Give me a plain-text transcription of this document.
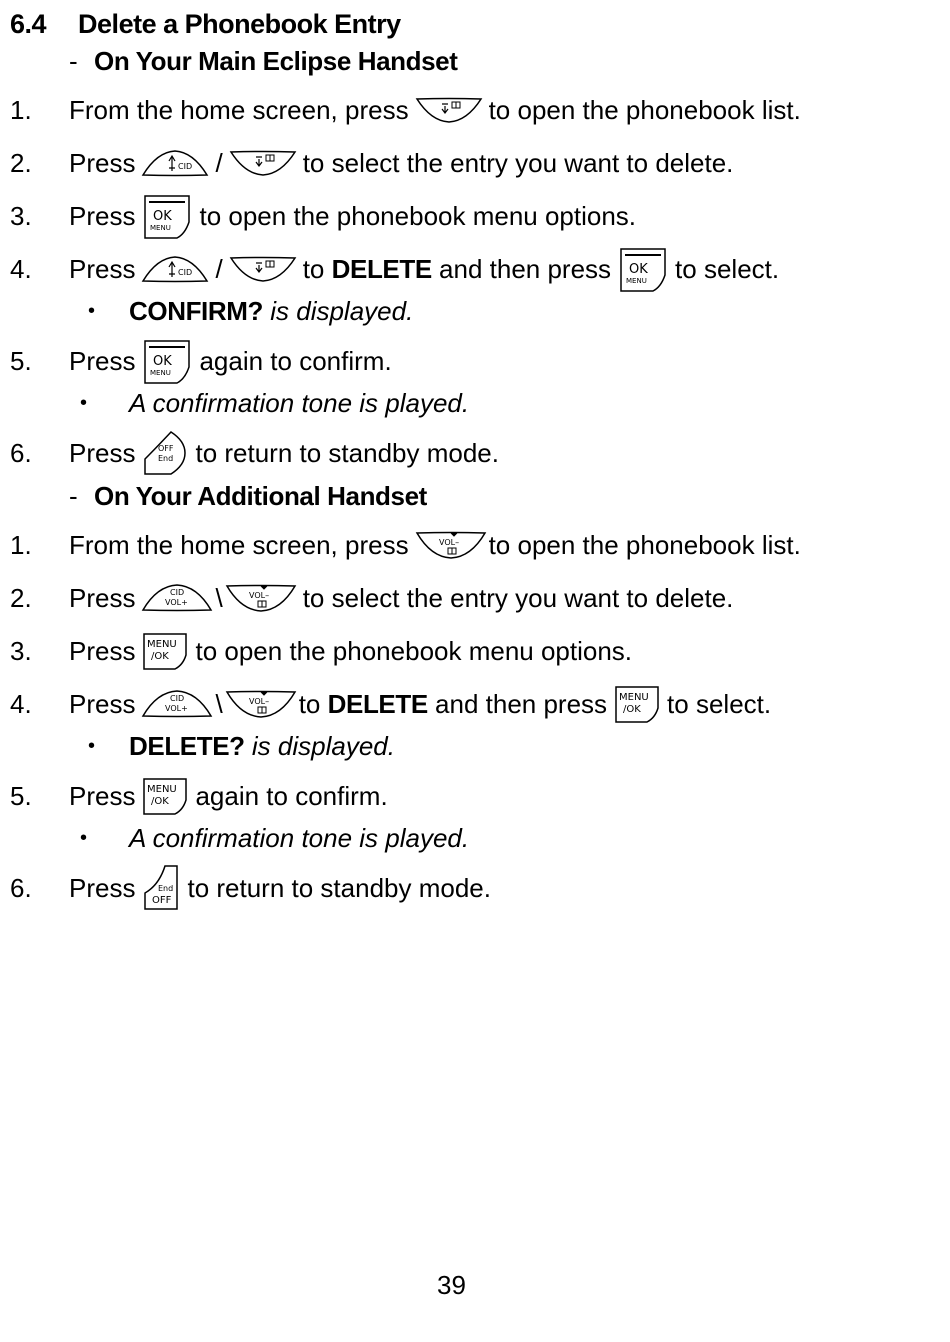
6.4 Delete a Phonebook Entry
- On Your Main Eclipse Handset
1. From the home screen, press	to open the phonebook list.
2. Press	CID /	to select the entry you want to delete.
3. Press OK
MENU to open the phonebook menu options.
4. Press	CID /	to
DELETE
and then press OK
MENU to select.
• CONFIRM? is displayed.
5. Press OK
MENU again to confirm.
• A confirmation tone is played.
6. Press	OFF
End to return to standby mode.
- On Your Additional Handset
1. From the home screen, press	VOL– to open the phonebook list.
2. Press	CID
VOL+ \	VOL– to select the entry you want to delete.
3. Press MENU
/OK to open the phonebook menu options.
4. Press	CID
VOL+ \	VOL– to
DELETE
and then press MENU
/OK to select.
• DELETE? is displayed.
5. Press MENU
/OK again to confirm.
• A confirmation tone is played.
6. Press	End
OFF to return to standby mode.
39
